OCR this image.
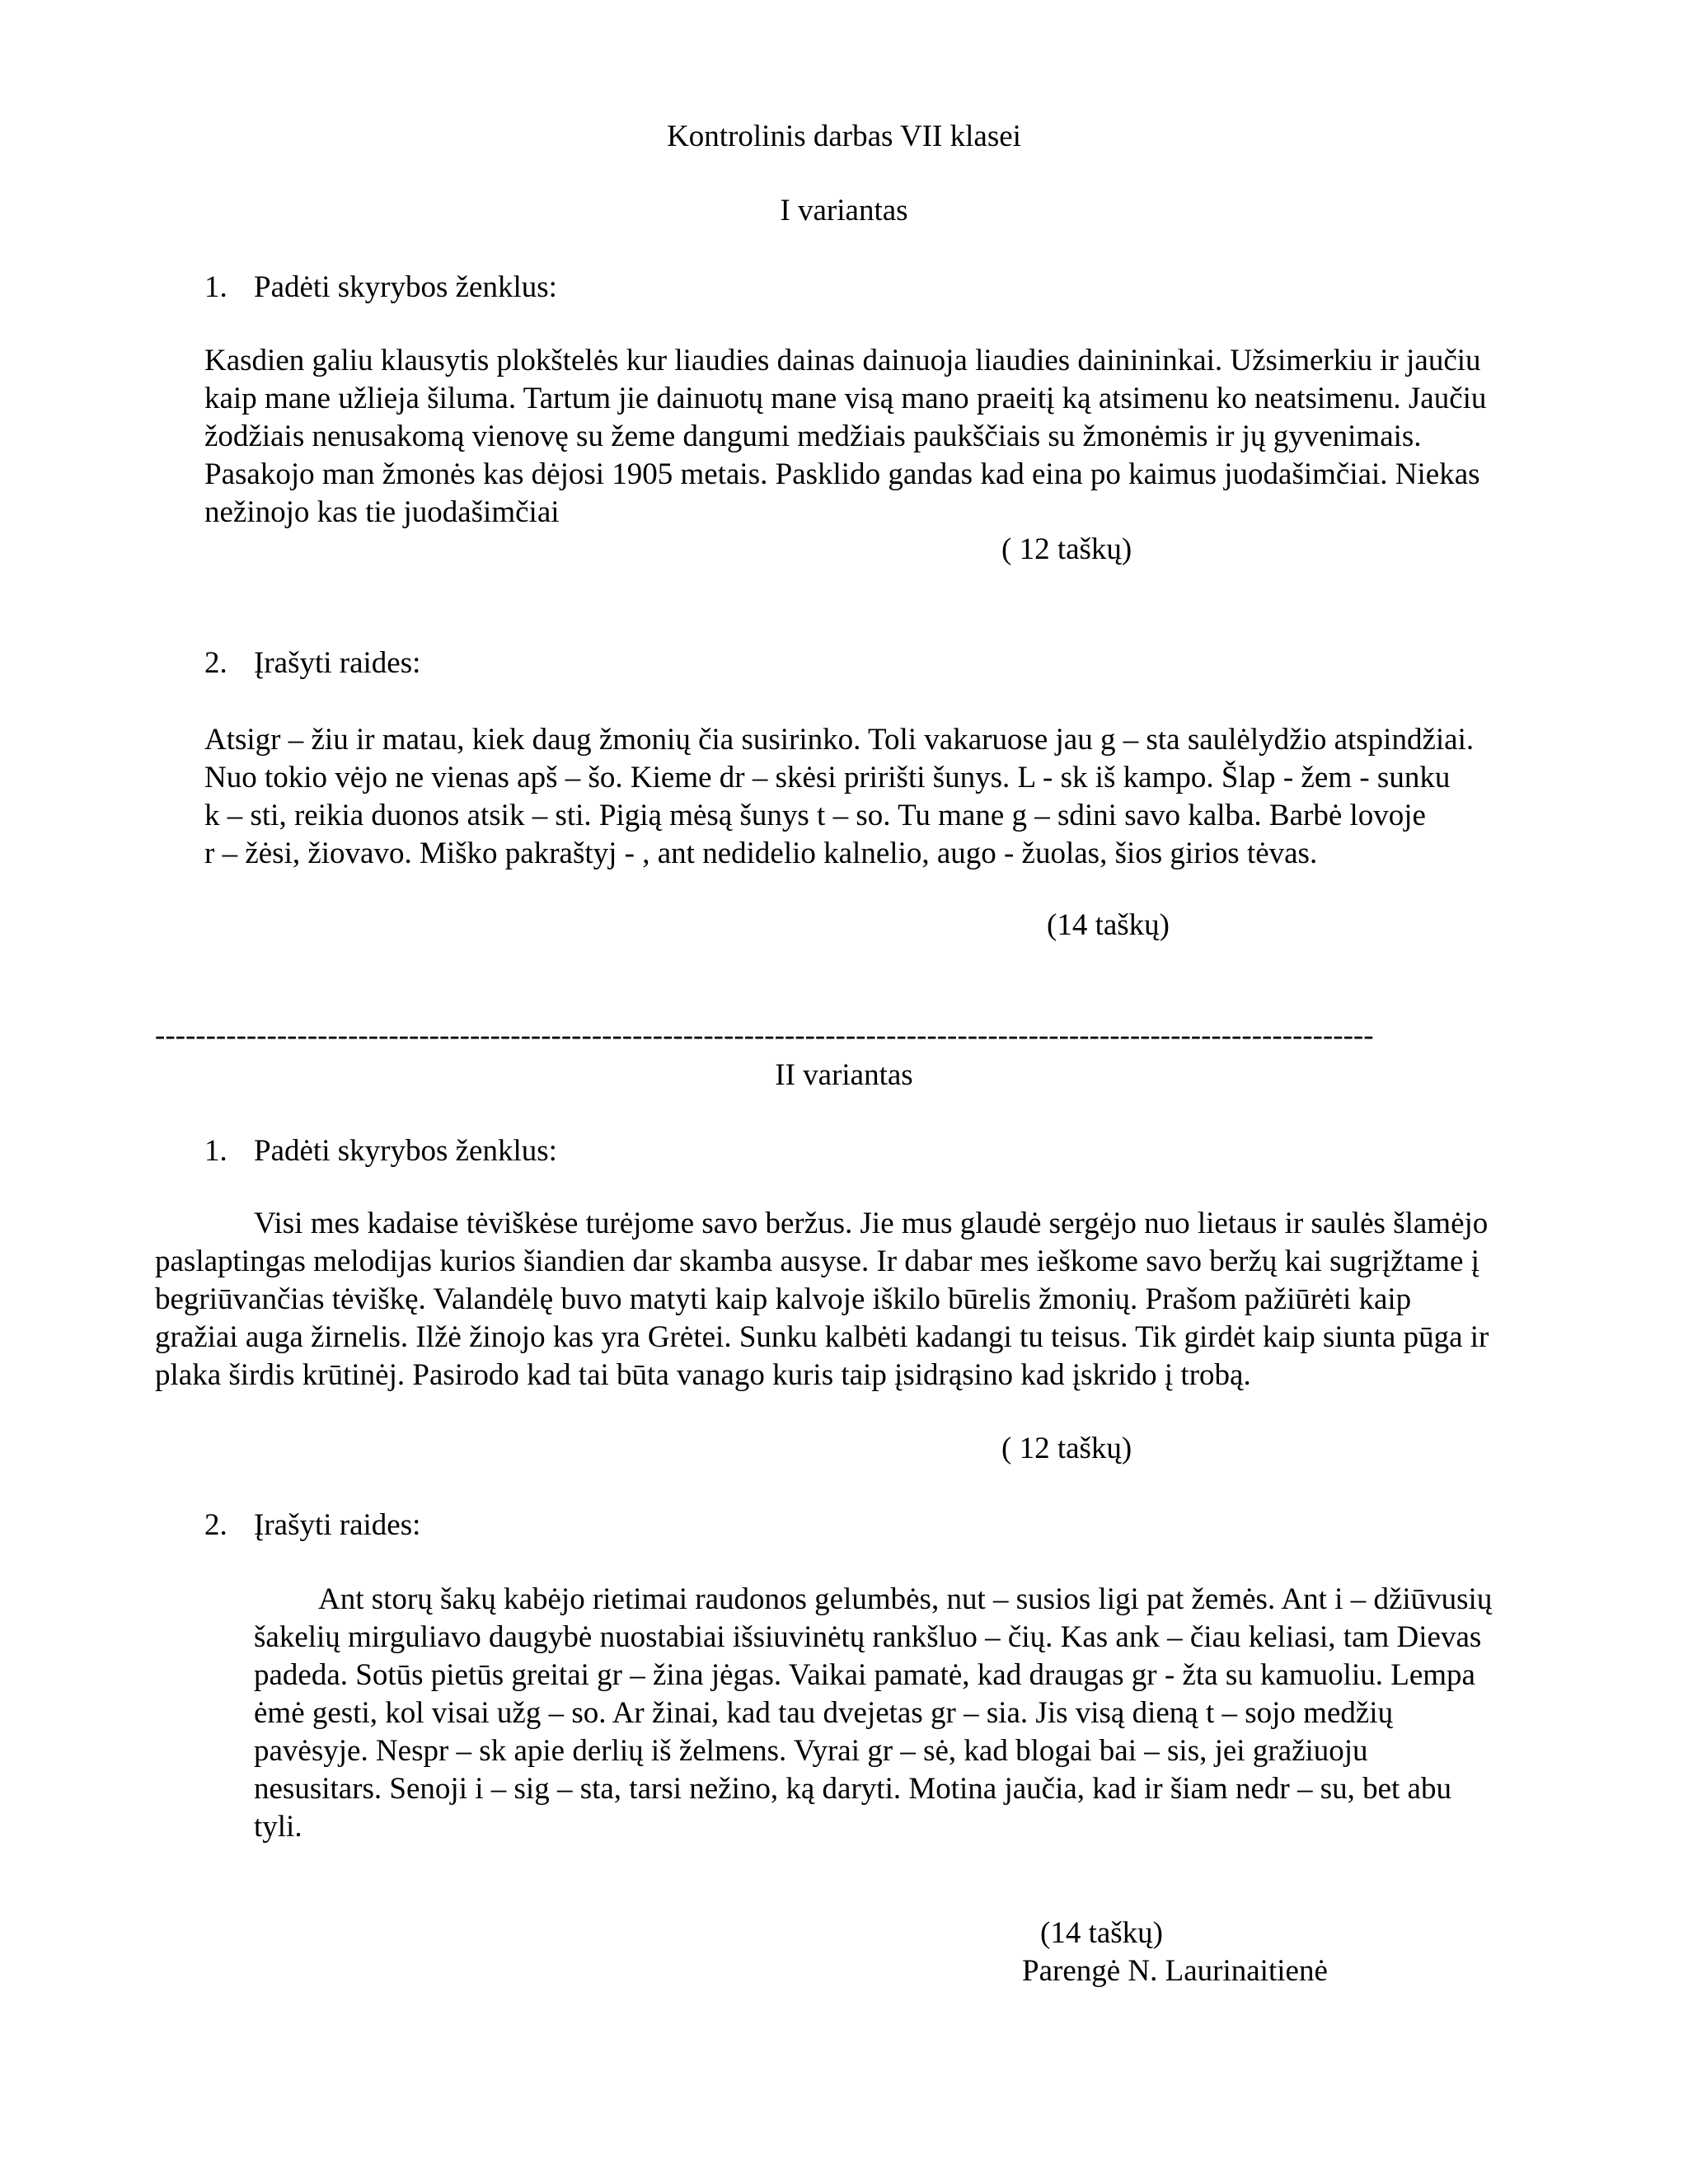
Kontrolinis darbas VII klasei
I variantas
1. Padėti skyrybos ženklus:

Kasdien galiu klausytis plokštelės kur liaudies dainas dainuoja liaudies dainininkai. Užsimerkiu ir jaučiu

kaip mane užlieja šiluma. Tartum jie dainuotų mane visą mano praeitį ką atsimenu ko neatsimenu. Jaučiu

žodžiais nenusakomą vienovę su žeme dangumi medžiais paukščiais su žmonėmis ir jų gyvenimais.

Pasakojo man žmonės kas dėjosi 1905 metais. Pasklido gandas kad eina po kaimus juodašimčiai. Niekas

nežinojo kas tie juodašimčiai

( 12 taškų)
2. Įrašyti raides:

Atsigr – žiu ir matau, kiek daug žmonių čia susirinko. Toli vakaruose jau g – sta saulėlydžio atspindžiai.

Nuo tokio vėjo ne vienas apš – šo. Kieme dr – skėsi pririšti šunys. L - sk iš kampo. Šlap - žem - sunku

k – sti, reikia duonos atsik – sti. Pigią mėsą šunys t – so. Tu mane g – sdini savo kalba. Barbė lovoje

r – žėsi, žiovavo. Miško pakraštyj - , ant nedidelio kalnelio, augo - žuolas, šios girios tėvas.

(14 taškų)
------------------------------------------------------------------------------------------------------------------------
II variantas
1. Padėti skyrybos ženklus:

Visi mes kadaise tėviškėse turėjome savo beržus. Jie mus glaudė sergėjo nuo lietaus ir saulės šlamėjo

paslaptingas melodijas kurios šiandien dar skamba ausyse. Ir dabar mes ieškome savo beržų kai sugrįžtame į

begriūvančias tėviškę. Valandėlę buvo matyti kaip kalvoje iškilo būrelis žmonių. Prašom pažiūrėti kaip

gražiai auga žirnelis. Ilžė žinojo kas yra Grėtei. Sunku kalbėti kadangi tu teisus. Tik girdėt kaip siunta pūga ir

plaka širdis krūtinėj. Pasirodo kad tai būta vanago kuris taip įsidrąsino kad įskrido į trobą.

( 12 taškų)
2. Įrašyti raides:

Ant storų šakų kabėjo rietimai raudonos gelumbės, nut – susios ligi pat žemės. Ant i – džiūvusių

šakelių mirguliavo daugybė nuostabiai išsiuvinėtų rankšluo – čių. Kas ank – čiau keliasi, tam Dievas

padeda. Sotūs pietūs greitai gr – žina jėgas. Vaikai pamatė, kad draugas gr - žta su kamuoliu. Lempa

ėmė gesti, kol visai užg – so. Ar žinai, kad tau dvejetas gr – sia. Jis visą dieną t – sojo medžių

pavėsyje. Nespr – sk apie derlių iš želmens. Vyrai gr – sė, kad blogai bai – sis, jei gražiuoju

nesusitars. Senoji i – sig – sta, tarsi nežino, ką daryti. Motina jaučia, kad ir šiam nedr – su, bet abu

tyli.

(14 taškų)
Parengė N. Laurinaitienė
